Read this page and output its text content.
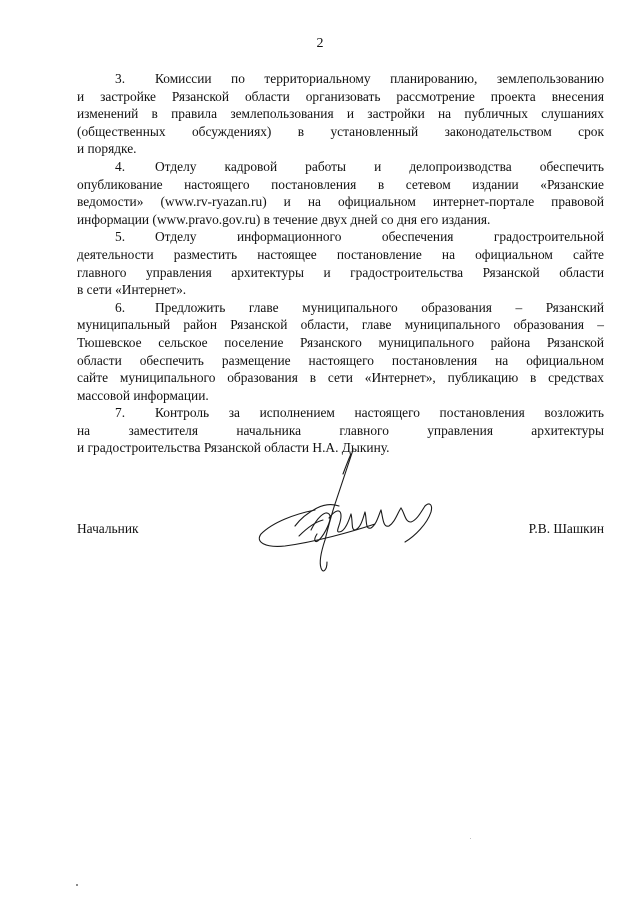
2
3. Комиссии по территориальному планированию, землепользованию
и застройке Рязанской области организовать рассмотрение проекта внесения
изменений в правила землепользования и застройки на публичных слушаниях
(общественных обсуждениях) в установленный законодательством срок
и порядке.
4. Отделу кадровой работы и делопроизводства обеспечить
опубликование настоящего постановления в сетевом издании «Рязанские
ведомости» (www.rv-ryazan.ru) и на официальном интернет-портале правовой
информации (www.pravo.gov.ru) в течение двух дней со дня его издания.
5. Отделу информационного обеспечения градостроительной
деятельности разместить настоящее постановление на официальном сайте
главного управления архитектуры и градостроительства Рязанской области
в сети «Интернет».
6. Предложить главе муниципального образования – Рязанский
муниципальный район Рязанской области, главе муниципального образования –
Тюшевское сельское поселение Рязанского муниципального района Рязанской
области обеспечить размещение настоящего постановления на официальном
сайте муниципального образования в сети «Интернет», публикацию в средствах
массовой информации.
7. Контроль за исполнением настоящего постановления возложить
на заместителя начальника главного управления архитектуры
и градостроительства Рязанской области Н.А. Дыкину.
Начальник	Р.В. Шашкин
